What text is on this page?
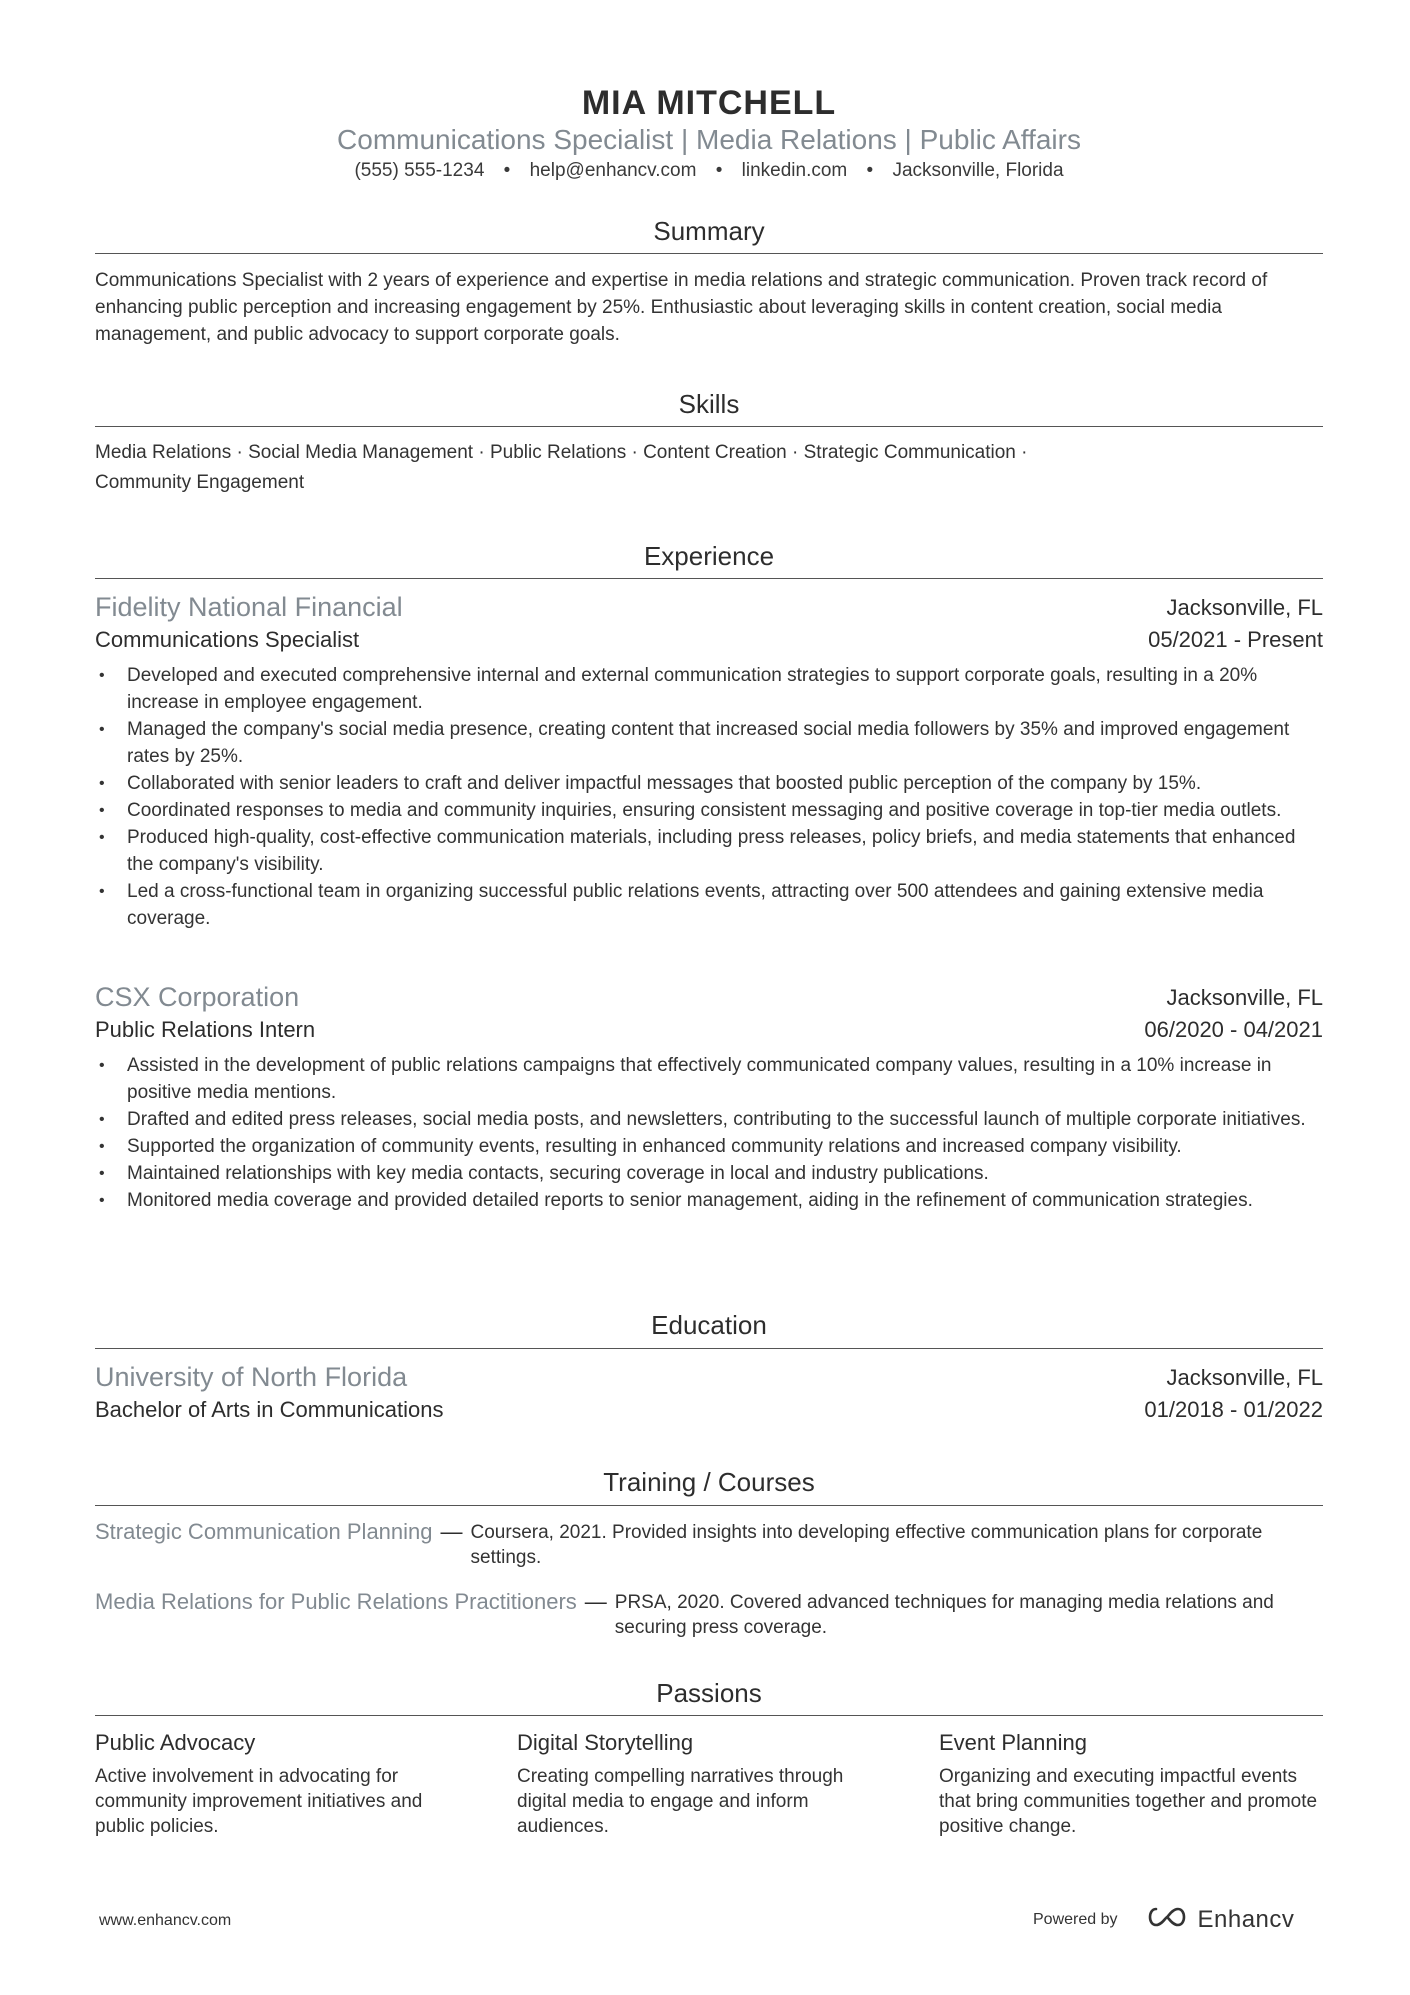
MIA MITCHELL
Communications Specialist | Media Relations | Public Affairs
(555) 555-1234 • help@enhancv.com • linkedin.com • Jacksonville, Florida
Summary
Communications Specialist with 2 years of experience and expertise in media relations and strategic communication. Proven track record of enhancing public perception and increasing engagement by 25%. Enthusiastic about leveraging skills in content creation, social media management, and public advocacy to support corporate goals.
Skills
Media Relations · Social Media Management · Public Relations · Content Creation · Strategic Communication ·
Community Engagement
Experience
Fidelity National Financial	Jacksonville, FL
Communications Specialist	05/2021 - Present
• Developed and executed comprehensive internal and external communication strategies to support corporate goals, resulting in a 20% increase in employee engagement.
• Managed the company's social media presence, creating content that increased social media followers by 35% and improved engagement rates by 25%.
• Collaborated with senior leaders to craft and deliver impactful messages that boosted public perception of the company by 15%.
• Coordinated responses to media and community inquiries, ensuring consistent messaging and positive coverage in top-tier media outlets.
• Produced high-quality, cost-effective communication materials, including press releases, policy briefs, and media statements that enhanced the company's visibility.
• Led a cross-functional team in organizing successful public relations events, attracting over 500 attendees and gaining extensive media coverage.
CSX Corporation	Jacksonville, FL
Public Relations Intern	06/2020 - 04/2021
• Assisted in the development of public relations campaigns that effectively communicated company values, resulting in a 10% increase in positive media mentions.
• Drafted and edited press releases, social media posts, and newsletters, contributing to the successful launch of multiple corporate initiatives.
• Supported the organization of community events, resulting in enhanced community relations and increased company visibility.
• Maintained relationships with key media contacts, securing coverage in local and industry publications.
• Monitored media coverage and provided detailed reports to senior management, aiding in the refinement of communication strategies.
Education
University of North Florida	Jacksonville, FL
Bachelor of Arts in Communications	01/2018 - 01/2022
Training / Courses
Strategic Communication Planning — Coursera, 2021. Provided insights into developing effective communication plans for corporate settings.
Media Relations for Public Relations Practitioners — PRSA, 2020. Covered advanced techniques for managing media relations and securing press coverage.
Passions
Public Advocacy
Active involvement in advocating for community improvement initiatives and public policies.
Digital Storytelling
Creating compelling narratives through digital media to engage and inform audiences.
Event Planning
Organizing and executing impactful events that bring communities together and promote positive change.
www.enhancv.com	Powered by	Enhancv
